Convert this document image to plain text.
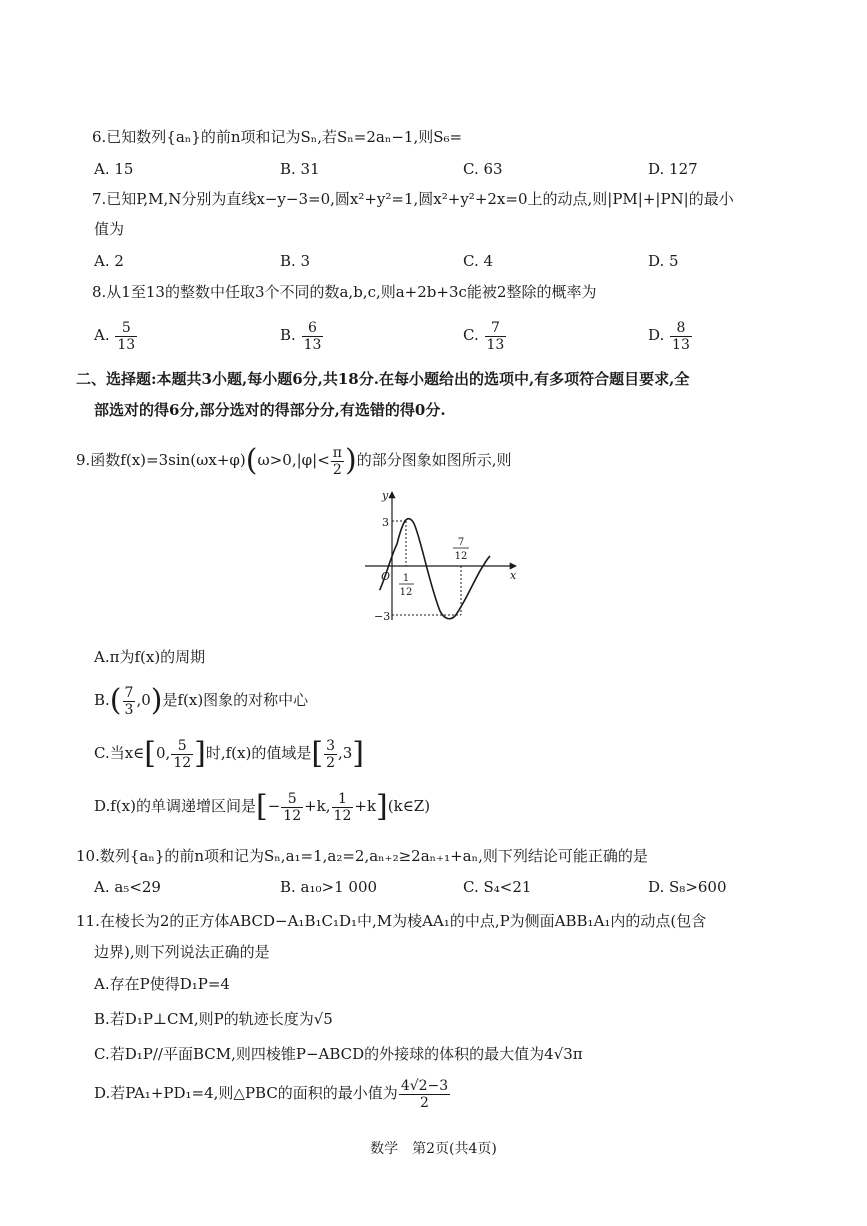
6.已知数列{aₙ}的前n项和记为Sₙ,若Sₙ=2aₙ−1,则S₆=
A. 15	B. 31	C. 63	D. 127
7.已知P,M,N分别为直线x−y−3=0,圆x²+y²=1,圆x²+y²+2x=0上的动点,则|PM|+|PN|的最小
值为
A. 2	B. 3	C. 4	D. 5
8.从1至13的整数中任取3个不同的数a,b,c,则a+2b+3c能被2整除的概率为
A. $\frac{5}{13}$	B. $\frac{6}{13}$	C. $\frac{7}{13}$	D. $\frac{8}{13}$
二、选择题:本题共3小题,每小题6分,共18分.在每小题给出的选项中,有多项符合题目要求,全
部选对的得6分,部分选对的得部分分,有选错的得0分.
9.函数$f(x)=3\sin(\omega x+\varphi)(\omega>0,|\varphi|< \frac{\pi}{2}$ )的部分图象如图所示,则
y
x
O
3
−3
1
12
7
12
A.π为f(x)的周期
$B.( \frac{7}{3} ,0)$是f(x)图象的对称中心
C.当x∈[0, $\frac{5}{12}$ ]时,f(x)的值域是[ $\frac{3}{2} ,3$]
D.f(x)的单调递增区间是[− $\frac{5}{12} +k$, $\frac{1}{12}$ +k](k∈Z)
10.数列{aₙ}的前n项和记为Sₙ,a₁=1,a₂=2,aₙ₊₂≥2aₙ₊₁+aₙ,则下列结论可能正确的是
A. a₅<29	B. a₁₀>1 000	C. S₄<21	D. S₈>600
11.在棱长为2的正方体ABCD−A₁B₁C₁D₁中,M为棱AA₁的中点,P为侧面ABB₁A₁内的动点(包含
边界),则下列说法正确的是
A.存在P使得D₁P=4
B.若D₁P⊥CM,则P的轨迹长度为√5
C.若D₁P//平面BCM,则四棱锥P−ABCD的外接球的体积的最大值为4√3π
D.若PA₁+PD₁=4,则△PBC的面积的最小值为 $\frac{4√2-3}{2}$
数学　第2页(共4页)
